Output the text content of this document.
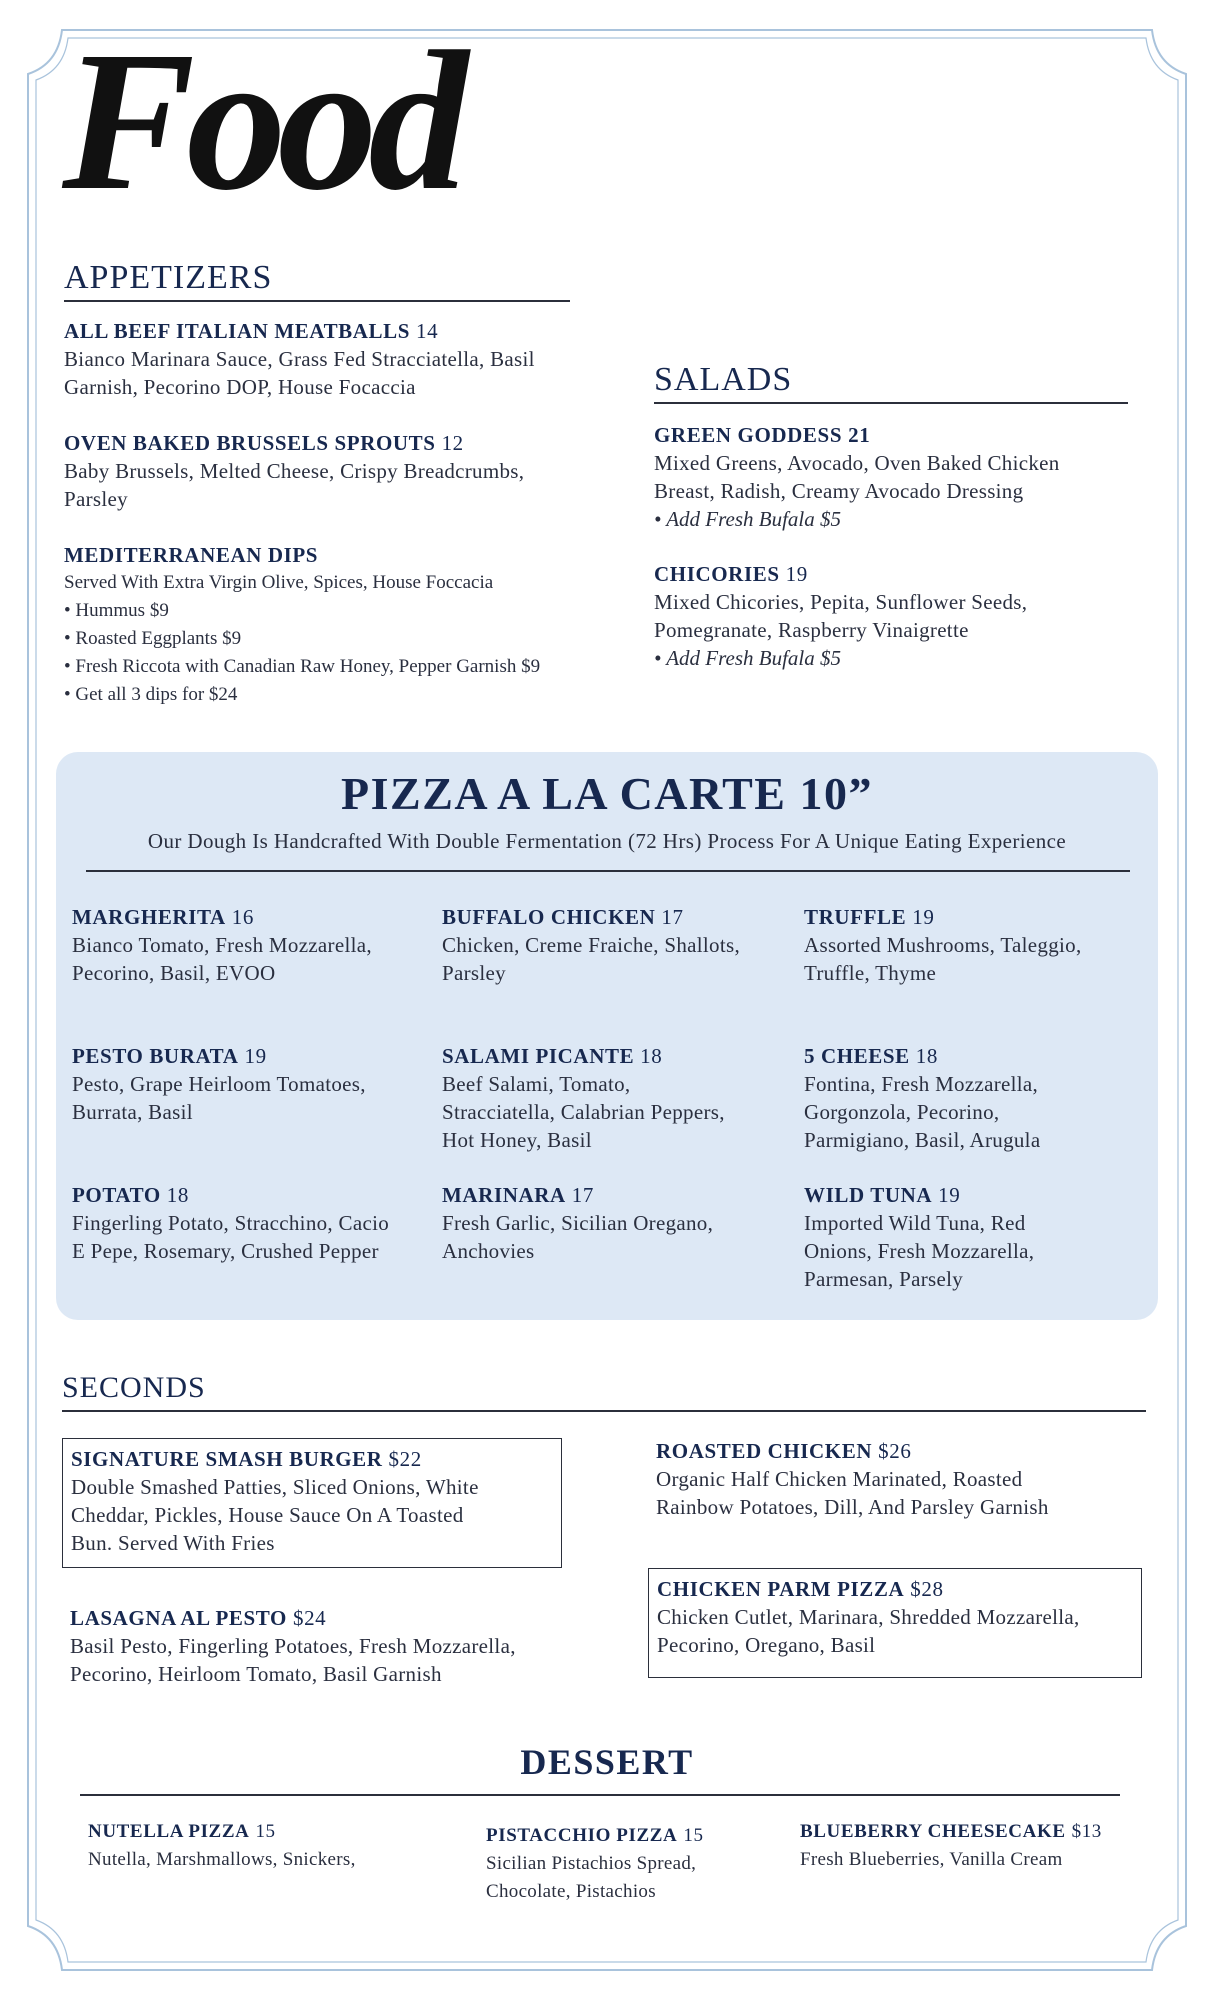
Food
APPETIZERS
ALL BEEF ITALIAN MEATBALLS 14
Bianco Marinara Sauce, Grass Fed Stracciatella, Basil
Garnish, Pecorino DOP, House Focaccia
OVEN BAKED BRUSSELS SPROUTS 12
Baby Brussels, Melted Cheese, Crispy Breadcrumbs,
Parsley
MEDITERRANEAN DIPS
Served With Extra Virgin Olive, Spices, House Foccacia
• Hummus $9
• Roasted Eggplants $9
• Fresh Riccota with Canadian Raw Honey, Pepper Garnish $9
• Get all 3 dips for $24
SALADS
GREEN GODDESS 21
Mixed Greens, Avocado, Oven Baked Chicken
Breast, Radish, Creamy Avocado Dressing
• Add Fresh Bufala $5
CHICORIES 19
Mixed Chicories, Pepita, Sunflower Seeds,
Pomegranate, Raspberry Vinaigrette
• Add Fresh Bufala $5
PIZZA A LA CARTE 10”
Our Dough Is Handcrafted With Double Fermentation (72 Hrs) Process For A Unique Eating Experience
MARGHERITA 16
Bianco Tomato, Fresh Mozzarella,
Pecorino, Basil, EVOO
BUFFALO CHICKEN 17
Chicken, Creme Fraiche, Shallots,
Parsley
TRUFFLE 19
Assorted Mushrooms, Taleggio,
Truffle, Thyme
PESTO BURATA 19
Pesto, Grape Heirloom Tomatoes,
Burrata, Basil
SALAMI PICANTE 18
Beef Salami, Tomato,
Stracciatella, Calabrian Peppers,
Hot Honey, Basil
5 CHEESE 18
Fontina, Fresh Mozzarella,
Gorgonzola, Pecorino,
Parmigiano, Basil, Arugula
POTATO 18
Fingerling Potato, Stracchino, Cacio
E Pepe, Rosemary, Crushed Pepper
MARINARA 17
Fresh Garlic, Sicilian Oregano,
Anchovies
WILD TUNA 19
Imported Wild Tuna, Red
Onions, Fresh Mozzarella,
Parmesan, Parsely
SECONDS
SIGNATURE SMASH BURGER $22
Double Smashed Patties, Sliced Onions, White
Cheddar, Pickles, House Sauce On A Toasted
Bun. Served With Fries
ROASTED CHICKEN $26
Organic Half Chicken Marinated, Roasted
Rainbow Potatoes, Dill, And Parsley Garnish
CHICKEN PARM PIZZA $28
Chicken Cutlet, Marinara, Shredded Mozzarella,
Pecorino, Oregano, Basil
LASAGNA AL PESTO $24
Basil Pesto, Fingerling Potatoes, Fresh Mozzarella,
Pecorino, Heirloom Tomato, Basil Garnish
DESSERT
NUTELLA PIZZA 15
Nutella, Marshmallows, Snickers,
PISTACCHIO PIZZA 15
Sicilian Pistachios Spread,
Chocolate, Pistachios
BLUEBERRY CHEESECAKE $13
Fresh Blueberries, Vanilla Cream
